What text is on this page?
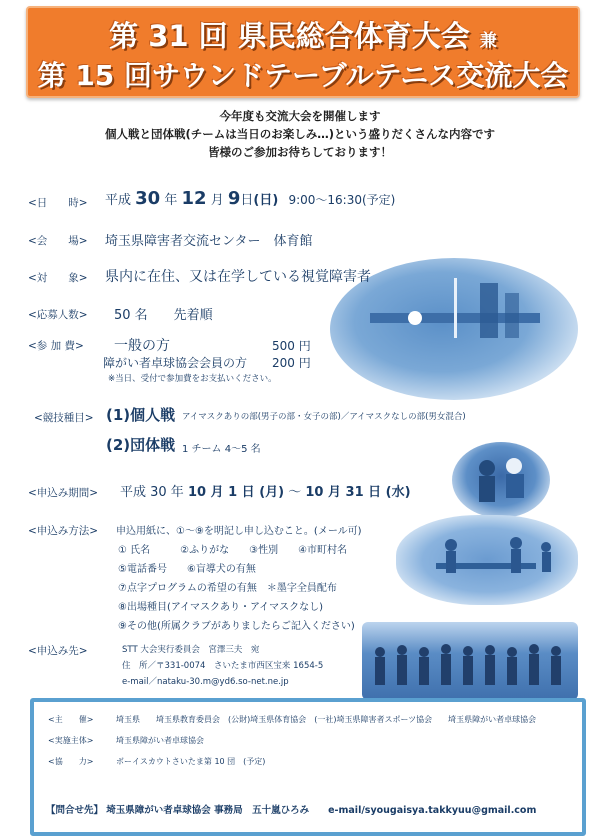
第 31 回 県民総合体育大会 兼
第 15 回サウンドテーブルテニス交流大会
今年度も交流大会を開催します
個人戦と団体戦(チームは当日のお楽しみ…)という盛りだくさんな内容です
皆様のご参加お待ちしております！
<日　　時> 平成 30 年 12 月 9日(日) 9:00～16:30(予定)
<会　　場> 埼玉県障害者交流センター　体育館
<対　　象> 県内に在住、又は在学している視覚障害者
<応募人数> 50 名　　先着順
<参 加 費> 一般の方	500 円
障がい者卓球協会会員の方 200 円
※当日、受付で参加費をお支払いください。
<競技種目> (1)個人戦 アイマスクありの部(男子の部・女子の部)／アイマスクなしの部(男女混合)
(2)団体戦 1 チーム 4～5 名
<申込み期間> 平成 30 年 10 月 1 日 (月) ～ 10 月 31 日 (水)
<申込み方法> 申込用紙に、①～⑨を明記し申し込むこと。(メール可)
① 氏名　　　②ふりがな　　③性別　　④市町村名
⑤電話番号　　⑥盲導犬の有無
⑦点字プログラムの希望の有無　＊墨字全員配布
⑧出場種目(アイマスクあり・アイマスクなし)
⑨その他(所属クラブがありましたらご記入ください)
<申込み先>	STT 大会実行委員会　宮澤三夫　宛
住　所／〒331-0074　さいたま市西区宝来 1654-5
e-mail／nataku-30.m@yd6.so-net.ne.jp
<主　　催>	埼玉県　　埼玉県教育委員会　(公財)埼玉県体育協会　(一社)埼玉県障害者スポーツ協会　　埼玉県障がい者卓球協会
<実施主体>	埼玉県障がい者卓球協会
<協　　力>	ボーイスカウトさいたま第 10 団　(予定)
【問合せ先】 埼玉県障がい者卓球協会 事務局　五十嵐ひろみ　　e-mail/syougaisya.takkyuu@gmail.com
